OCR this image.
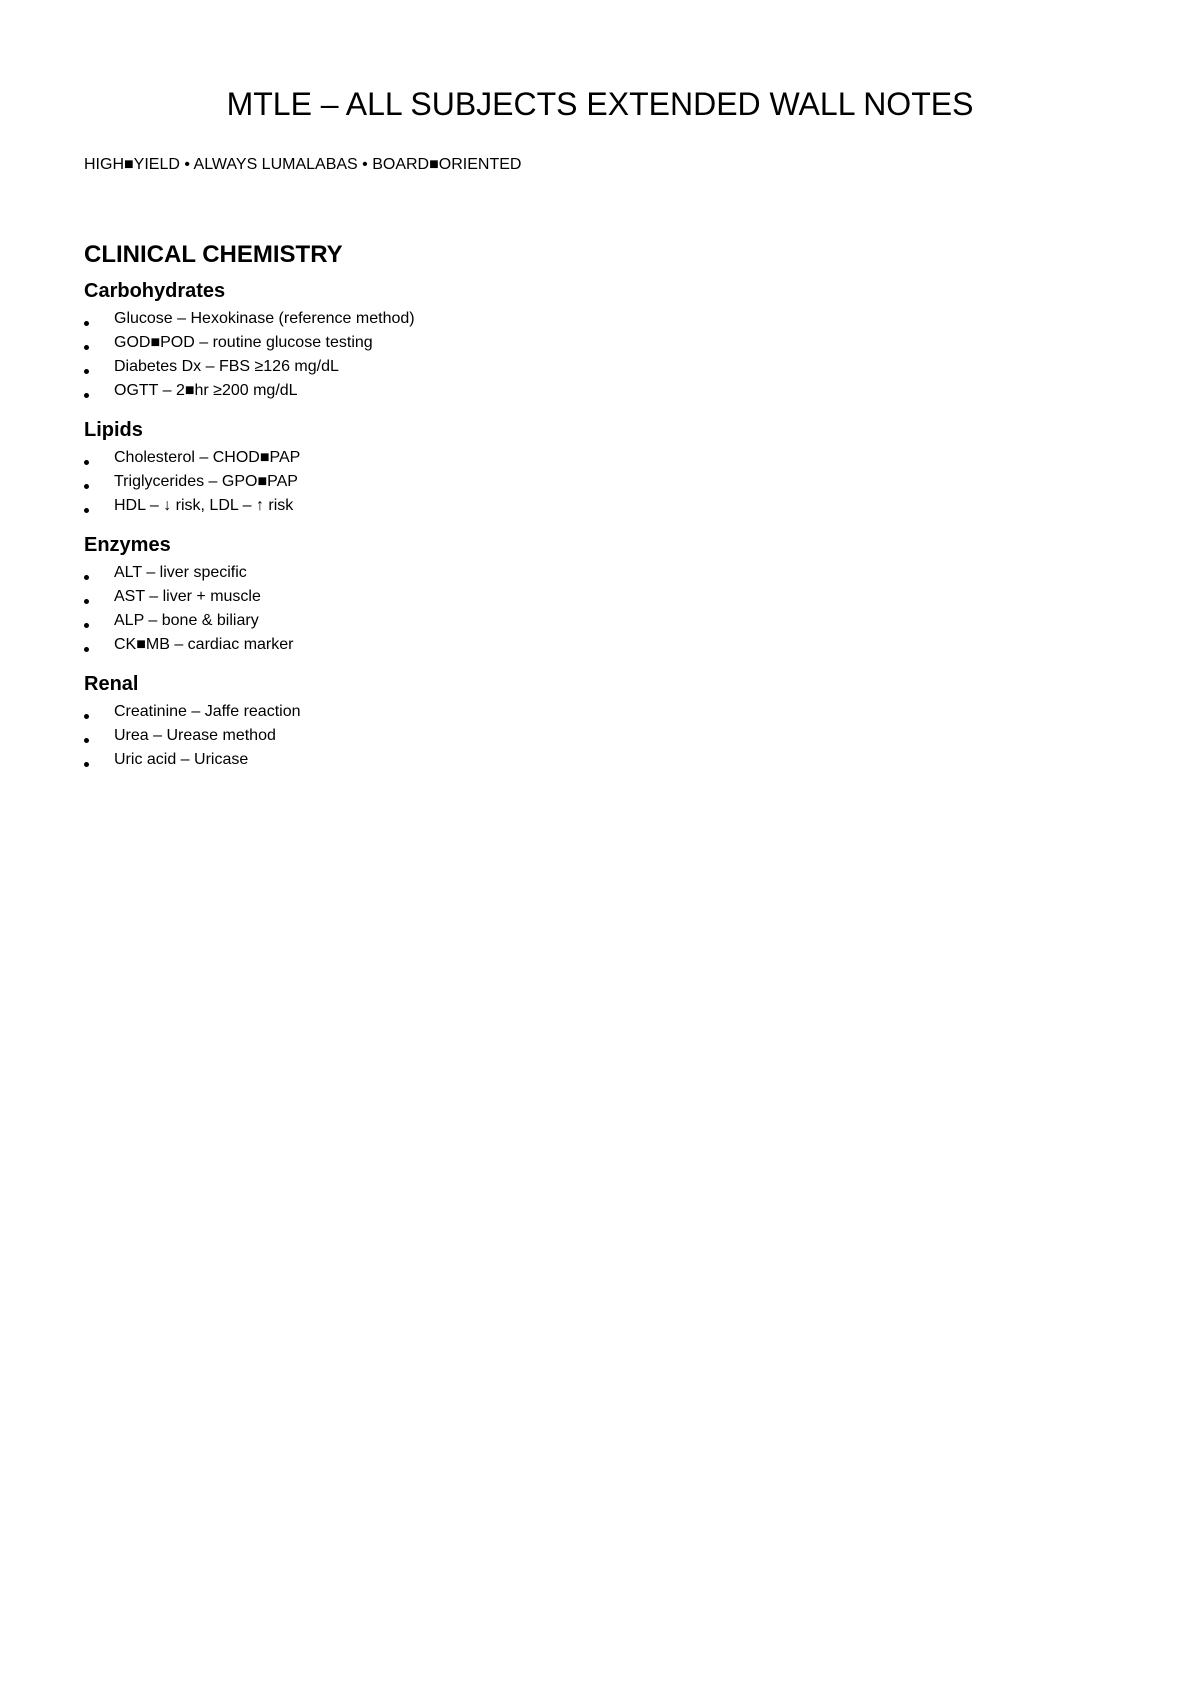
MTLE – ALL SUBJECTS EXTENDED WALL NOTES
HIGH■YIELD • ALWAYS LUMALABAS • BOARD■ORIENTED
CLINICAL CHEMISTRY
Carbohydrates
Glucose – Hexokinase (reference method)
GOD■POD – routine glucose testing
Diabetes Dx – FBS ≥126 mg/dL
OGTT – 2■hr ≥200 mg/dL
Lipids
Cholesterol – CHOD■PAP
Triglycerides – GPO■PAP
HDL – ↓ risk, LDL – ↑ risk
Enzymes
ALT – liver specific
AST – liver + muscle
ALP – bone & biliary
CK■MB – cardiac marker
Renal
Creatinine – Jaffe reaction
Urea – Urease method
Uric acid – Uricase
